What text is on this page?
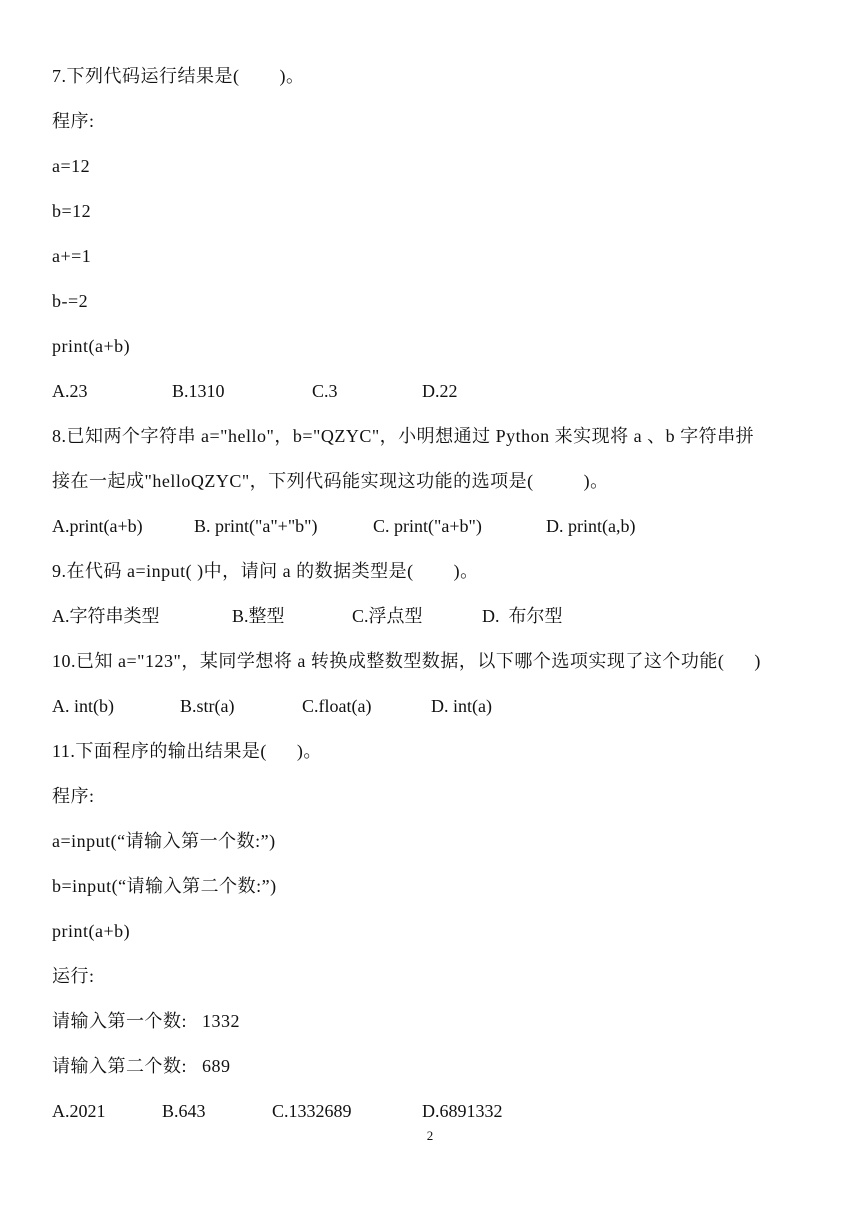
7.下列代码运行结果是(        )。
程序:
a=12
b=12
a+=1
b-=2
print(a+b)
A.23	B.1310	C.3	D.22
8.已知两个字符串 a="hello"，b="QZYC"，小明想通过 Python 来实现将 a 、b 字符串拼
接在一起成"helloQZYC"，下列代码能实现这功能的选项是(          )。
A.print(a+b)	B. print("a"+"b")	C. print("a+b")	D. print(a,b)
9.在代码 a=input( )中，请问 a 的数据类型是(        )。
A.字符串类型	B.整型	C.浮点型	D.  布尔型
10.已知 a="123"，某同学想将 a 转换成整数型数据，以下哪个选项实现了这个功能(      )
A. int(b)	B.str(a)	C.float(a)	D. int(a)
11.下面程序的输出结果是(      )。
程序:
a=input(“请输入第一个数:”)
b=input(“请输入第二个数:”)
print(a+b)
运行:
请输入第一个数:   1332
请输入第二个数:   689
A.2021	B.643	C.1332689	D.6891332
2
